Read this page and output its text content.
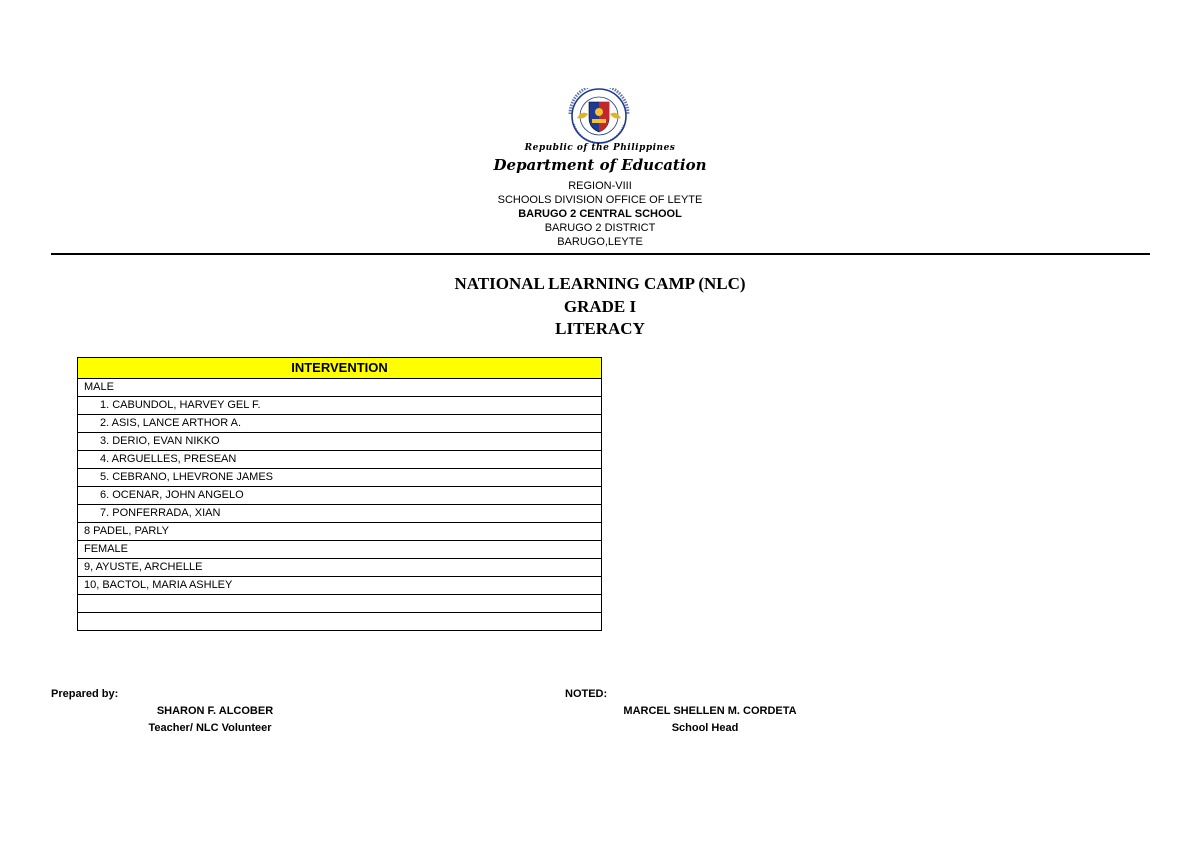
Republic of the Philippines
Department of Education
REGION-VIII
SCHOOLS DIVISION OFFICE OF LEYTE
BARUGO 2 CENTRAL SCHOOL
BARUGO 2 DISTRICT
BARUGO,LEYTE
NATIONAL LEARNING CAMP (NLC)
GRADE I
LITERACY
INTERVENTION
MALE
1. CABUNDOL, HARVEY GEL F.
2. ASIS, LANCE ARTHOR A.
3. DERIO, EVAN NIKKO
4. ARGUELLES, PRESEAN
5. CEBRANO, LHEVRONE JAMES
6. OCENAR, JOHN ANGELO
7. PONFERRADA, XIAN
8 PADEL, PARLY
FEMALE
9, AYUSTE, ARCHELLE
10, BACTOL, MARIA ASHLEY

Prepared by:
SHARON F. ALCOBER
Teacher/ NLC Volunteer
NOTED:
MARCEL SHELLEN M. CORDETA
School Head
